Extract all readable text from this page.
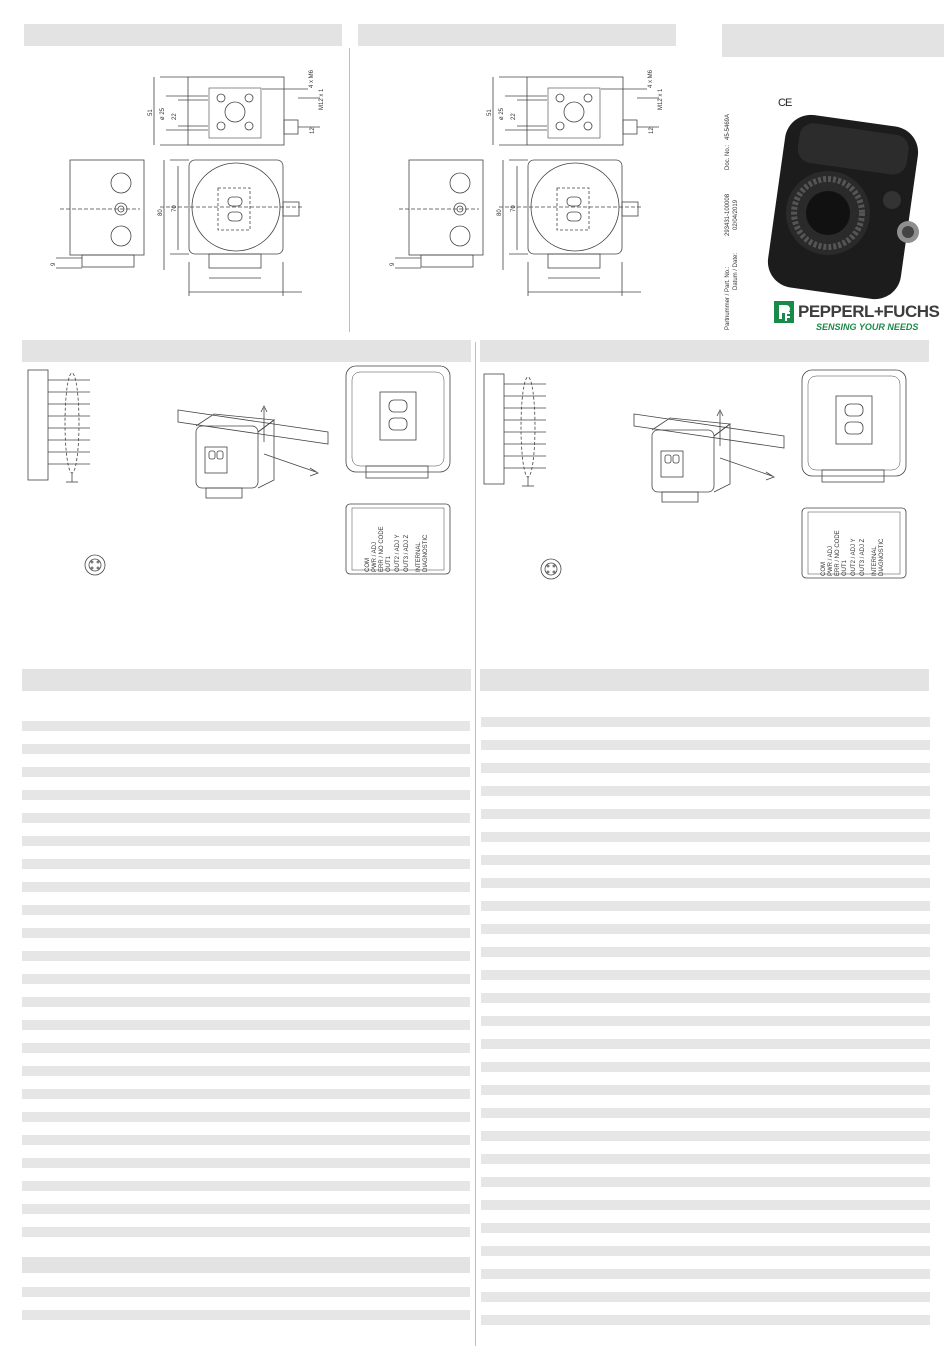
4 x M6
M12 x 1
51 ø 25 22
12
80
70
9
4 x M6
M12 x 1
51 ø 25 22
12
80
70
9
Partnummer / Part. No.:
293431-100008
Doc. No.:
45-5469A
Datum / Date:
02/04/2019
CE
PEPPERL+FUCHS
SENSING YOUR NEEDS
COM PWR / ADJ ERR / NO CODE OUT1 OUT2 / ADJ Y OUT3 / ADJ Z INTERNAL DIAGNOSTIC	COM PWR / ADJ ERR / NO CODE OUT1 OUT2 / ADJ Y OUT3 / ADJ Z INTERNAL DIAGNOSTIC
